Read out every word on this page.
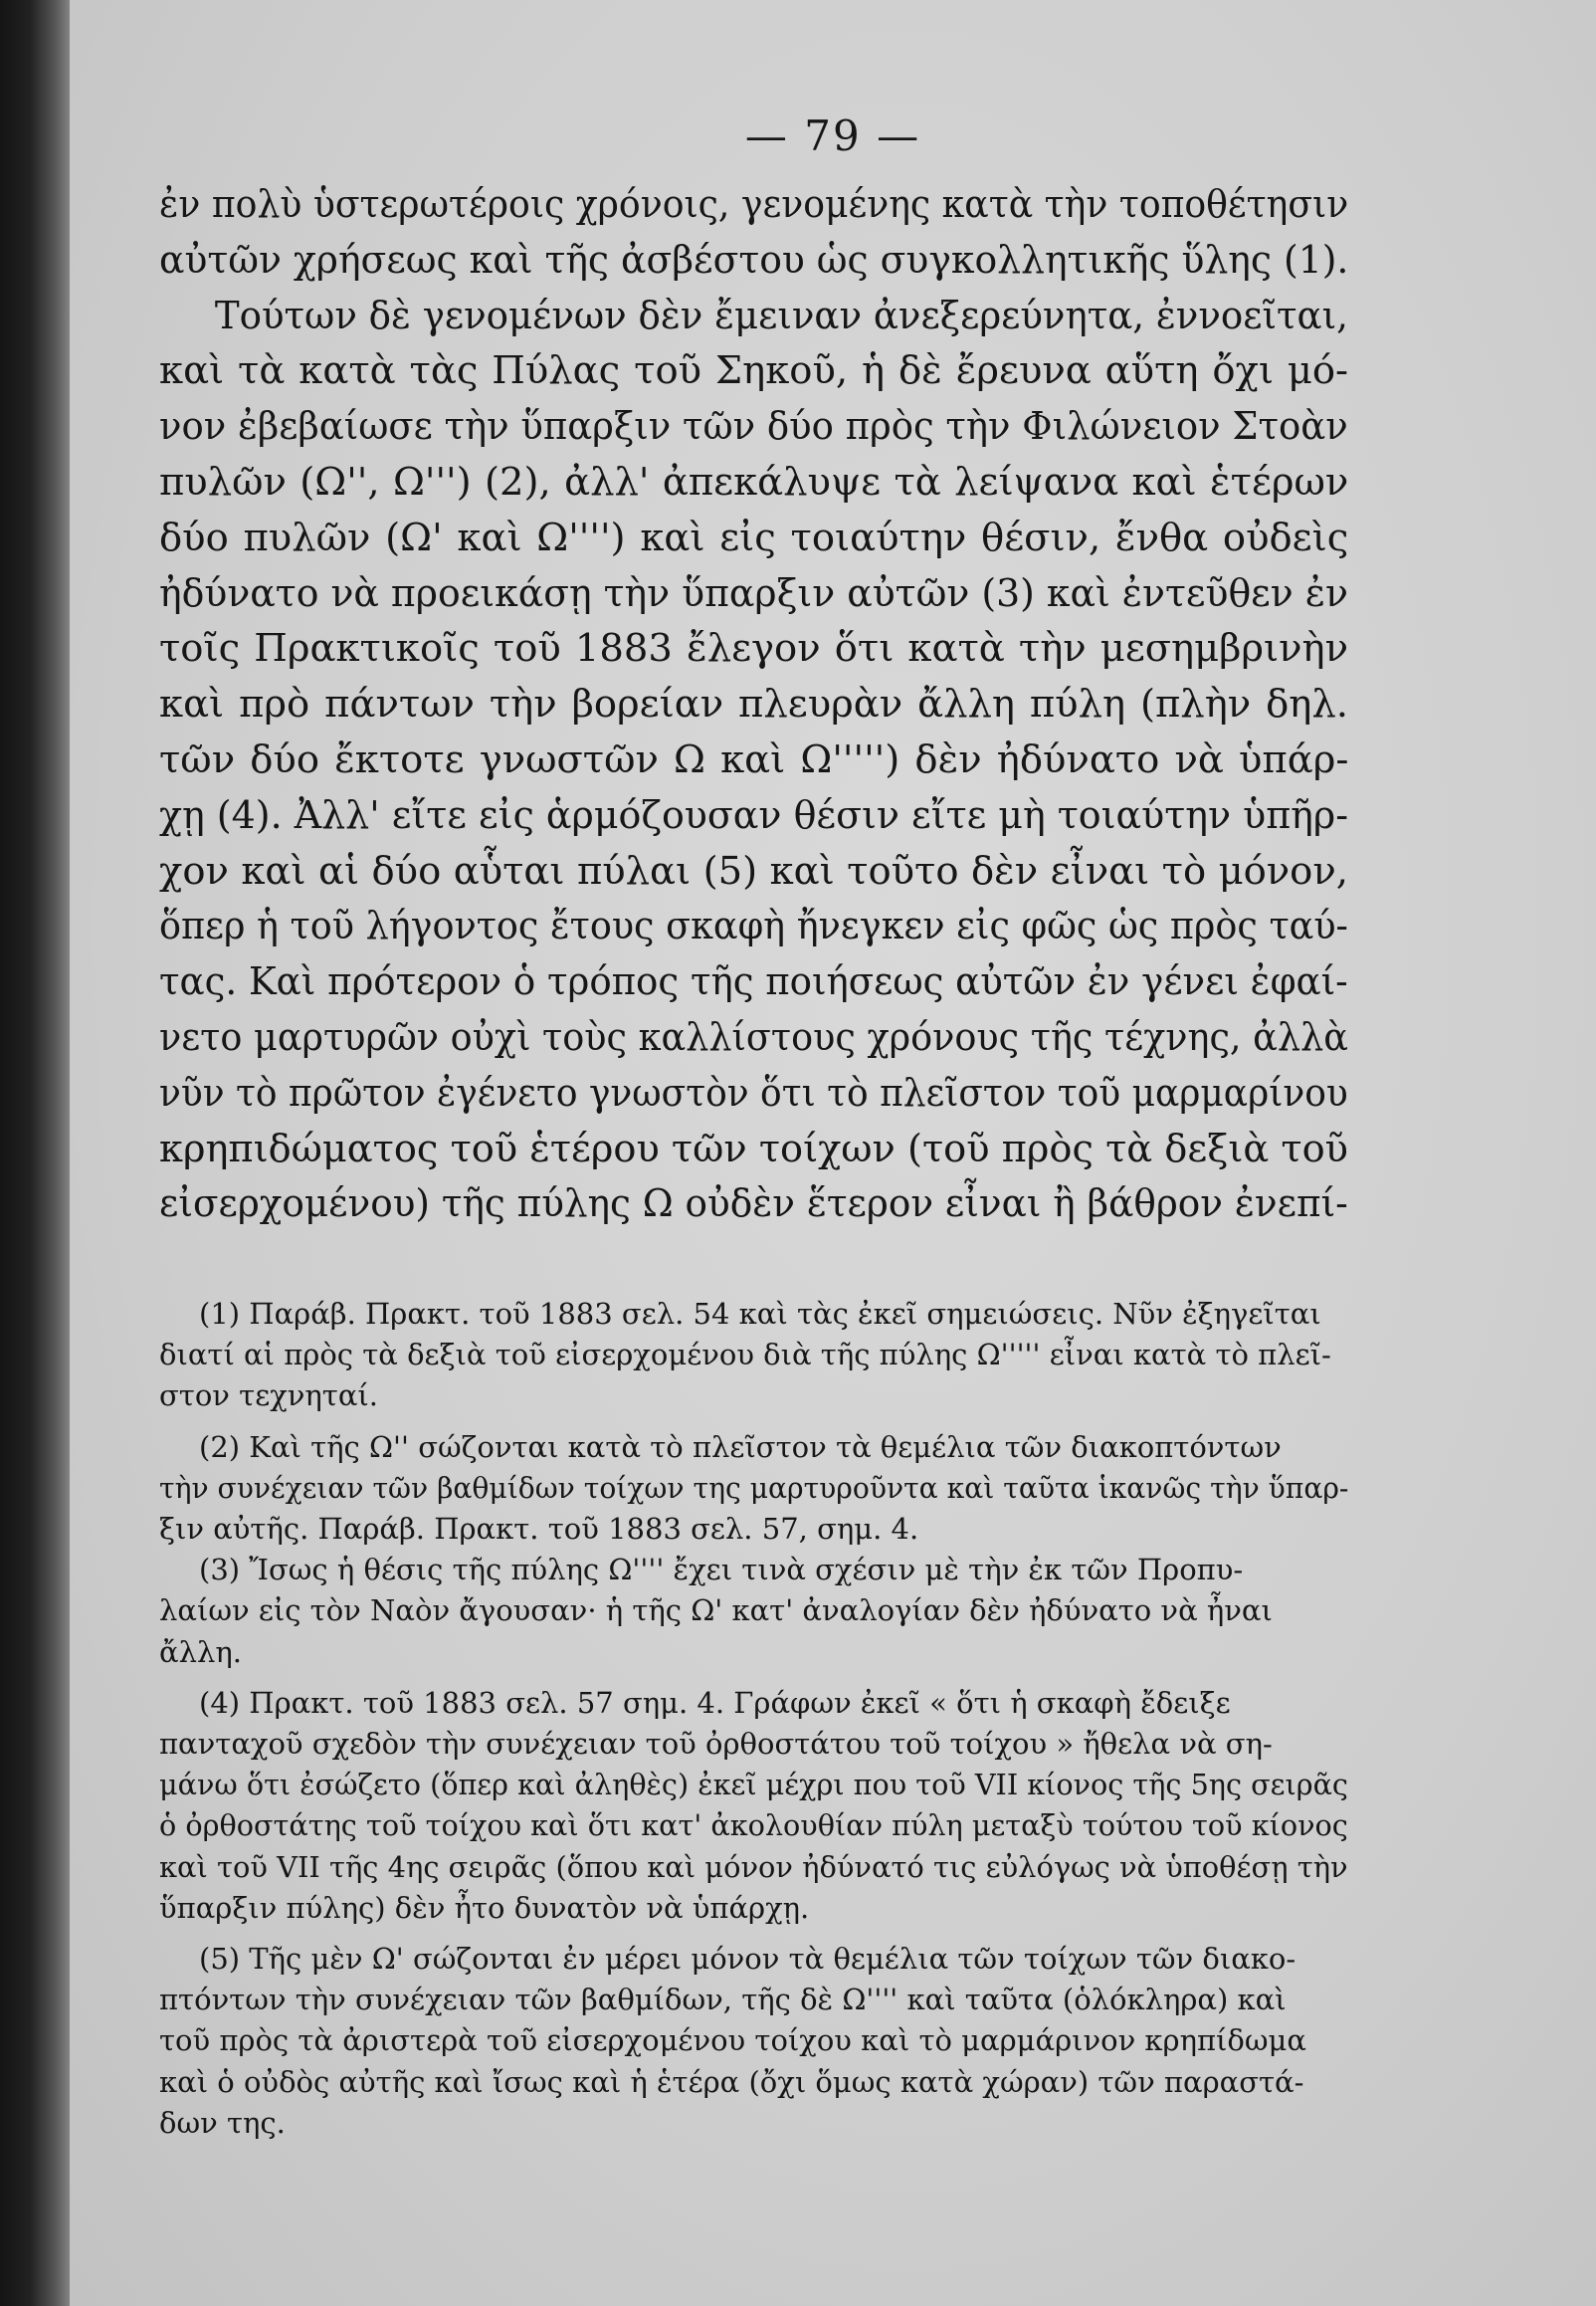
— 79 —
ἐν πολὺ ὑστερωτέροις χρόνοις, γενομένης κατὰ τὴν τοποθέτησιν
αὐτῶν χρήσεως καὶ τῆς ἀσβέστου ὡς συγκολλητικῆς ὕλης (1).
Τούτων δὲ γενομένων δὲν ἔμειναν ἀνεξερεύνητα, ἐννοεῖται,
καὶ τὰ κατὰ τὰς Πύλας τοῦ Σηκοῦ, ἡ δὲ ἔρευνα αὕτη ὄχι μό-
νον ἐβεβαίωσε τὴν ὕπαρξιν τῶν δύο πρὸς τὴν Φιλώνειον Στοὰν
πυλῶν (Ω'', Ω''') (2), ἀλλ' ἀπεκάλυψε τὰ λείψανα καὶ ἑτέρων
δύο πυλῶν (Ω' καὶ Ω'''') καὶ εἰς τοιαύτην θέσιν, ἔνθα οὐδεὶς
ἠδύνατο νὰ προεικάσῃ τὴν ὕπαρξιν αὐτῶν (3) καὶ ἐντεῦθεν ἐν
τοῖς Πρακτικοῖς τοῦ 1883 ἔλεγον ὅτι κατὰ τὴν μεσημβρινὴν
καὶ πρὸ πάντων τὴν βορείαν πλευρὰν ἄλλη πύλη (πλὴν δηλ.
τῶν δύο ἔκτοτε γνωστῶν Ω καὶ Ω''''') δὲν ἠδύνατο νὰ ὑπάρ-
χῃ (4). Ἀλλ' εἴτε εἰς ἁρμόζουσαν θέσιν εἴτε μὴ τοιαύτην ὑπῆρ-
χον καὶ αἱ δύο αὗται πύλαι (5) καὶ τοῦτο δὲν εἶναι τὸ μόνον,
ὅπερ ἡ τοῦ λήγοντος ἔτους σκαφὴ ἤνεγκεν εἰς φῶς ὡς πρὸς ταύ-
τας. Καὶ πρότερον ὁ τρόπος τῆς ποιήσεως αὐτῶν ἐν γένει ἐφαί-
νετο μαρτυρῶν οὐχὶ τοὺς καλλίστους χρόνους τῆς τέχνης, ἀλλὰ
νῦν τὸ πρῶτον ἐγένετο γνωστὸν ὅτι τὸ πλεῖστον τοῦ μαρμαρίνου
κρηπιδώματος τοῦ ἑτέρου τῶν τοίχων (τοῦ πρὸς τὰ δεξιὰ τοῦ
εἰσερχομένου) τῆς πύλης Ω οὐδὲν ἕτερον εἶναι ἢ βάθρον ἐνεπί-
(1) Παράβ. Πρακτ. τοῦ 1883 σελ. 54 καὶ τὰς ἐκεῖ σημειώσεις. Νῦν ἐξηγεῖται
διατί αἱ πρὸς τὰ δεξιὰ τοῦ εἰσερχομένου διὰ τῆς πύλης Ω''''' εἶναι κατὰ τὸ πλεῖ-
στον τεχνηταί.
(2) Καὶ τῆς Ω'' σώζονται κατὰ τὸ πλεῖστον τὰ θεμέλια τῶν διακοπτόντων
τὴν συνέχειαν τῶν βαθμίδων τοίχων της μαρτυροῦντα καὶ ταῦτα ἱκανῶς τὴν ὕπαρ-
ξιν αὐτῆς. Παράβ. Πρακτ. τοῦ 1883 σελ. 57, σημ. 4.
(3) Ἴσως ἡ θέσις τῆς πύλης Ω'''' ἔχει τινὰ σχέσιν μὲ τὴν ἐκ τῶν Προπυ-
λαίων εἰς τὸν Ναὸν ἄγουσαν· ἡ τῆς Ω' κατ' ἀναλογίαν δὲν ἠδύνατο νὰ ἦναι
ἄλλη.
(4) Πρακτ. τοῦ 1883 σελ. 57 σημ. 4. Γράφων ἐκεῖ « ὅτι ἡ σκαφὴ ἔδειξε
πανταχοῦ σχεδὸν τὴν συνέχειαν τοῦ ὀρθοστάτου τοῦ τοίχου » ἤθελα νὰ ση-
μάνω ὅτι ἐσώζετο (ὅπερ καὶ ἀληθὲς) ἐκεῖ μέχρι που τοῦ VII κίονος τῆς 5ης σειρᾶς
ὁ ὀρθοστάτης τοῦ τοίχου καὶ ὅτι κατ' ἀκολουθίαν πύλη μεταξὺ τούτου τοῦ κίονος
καὶ τοῦ VII τῆς 4ης σειρᾶς (ὅπου καὶ μόνον ἠδύνατό τις εὐλόγως νὰ ὑποθέσῃ τὴν
ὕπαρξιν πύλης) δὲν ἦτο δυνατὸν νὰ ὑπάρχῃ.
(5) Τῆς μὲν Ω' σώζονται ἐν μέρει μόνον τὰ θεμέλια τῶν τοίχων τῶν διακο-
πτόντων τὴν συνέχειαν τῶν βαθμίδων, τῆς δὲ Ω'''' καὶ ταῦτα (ὁλόκληρα) καὶ
τοῦ πρὸς τὰ ἀριστερὰ τοῦ εἰσερχομένου τοίχου καὶ τὸ μαρμάρινον κρηπίδωμα
καὶ ὁ οὐδὸς αὐτῆς καὶ ἴσως καὶ ἡ ἑτέρα (ὄχι ὅμως κατὰ χώραν) τῶν παραστά-
δων της.
